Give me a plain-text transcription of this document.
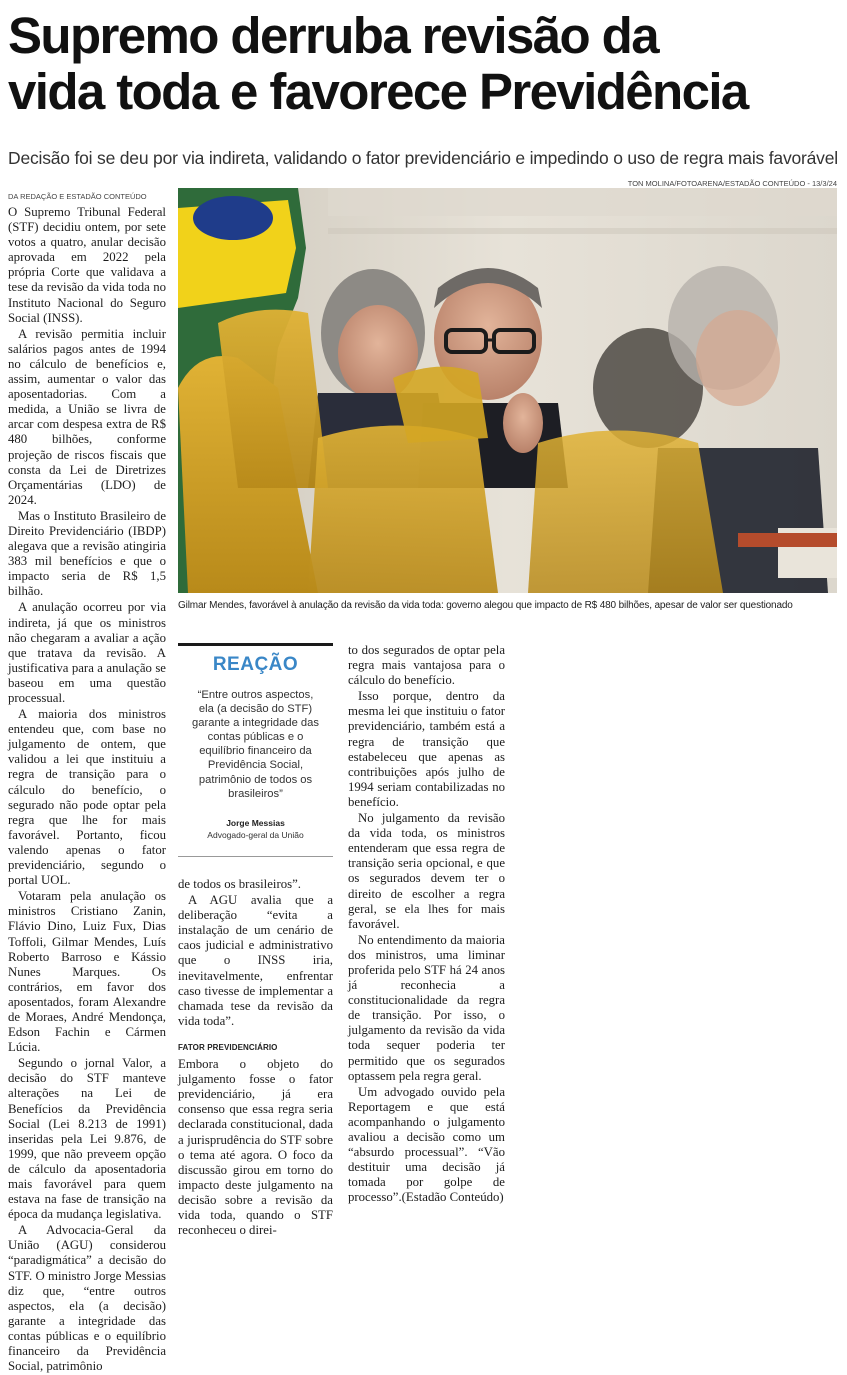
Supremo derruba revisão da
vida toda e favorece Previdência
Decisão foi se deu por via indireta, validando o fator previdenciário e impedindo o uso de regra mais favorável
TON MOLINA/FOTOARENA/ESTADÃO CONTEÚDO - 13/3/24
DA REDAÇÃO E ESTADÃO CONTEÚDO
Gilmar Mendes, favorável à anulação da revisão da vida toda: governo alegou que impacto de R$ 480 bilhões, apesar de valor ser questionado

O Supremo Tribunal Federal (STF) decidiu ontem, por sete votos a quatro, anular decisão aprovada em 2022 pela própria Corte que validava a tese da revisão da vida toda no Instituto Nacional do Seguro Social (INSS).

A revisão permitia incluir salários pagos antes de 1994 no cálculo de benefícios e, assim, aumentar o valor das aposentadorias. Com a medida, a União se livra de arcar com despesa extra de R$ 480 bilhões, conforme projeção de riscos fiscais que consta da Lei de Diretrizes Orçamentárias (LDO) de 2024.

Mas o Instituto Brasileiro de Direito Previdenciário (IBDP) alegava que a revisão atingiria 383 mil benefícios e que o impacto seria de R$ 1,5 bilhão.

A anulação ocorreu por via indireta, já que os ministros não chegaram a avaliar a ação que tratava da revisão. A justificativa para a anulação se baseou em uma questão processual.

A maioria dos ministros entendeu que, com base no julgamento de ontem, que validou a lei que instituiu a regra de transição para o cálculo do benefício, o segurado não pode optar pela regra que lhe for mais favorável. Portanto, ficou valendo apenas o fator previdenciário, segundo o portal UOL.

Votaram pela anulação os ministros Cristiano Zanin, Flávio Dino, Luiz Fux, Dias Toffoli, Gilmar Mendes, Luís Roberto Barroso e Kássio Nunes Marques. Os contrários, em favor dos aposentados, foram Alexandre de Moraes, André Mendonça, Edson Fachin e Cármen Lúcia.

Segundo o jornal Valor, a decisão do STF manteve alterações na Lei de Benefícios da Previdência Social (Lei 8.213 de 1991) inseridas pela Lei 9.876, de 1999, que não preveem opção de cálculo da aposentadoria mais favorável para quem estava na fase de transição na época da mudança legislativa.

A Advocacia-Geral da União (AGU) considerou “paradigmática” a decisão do STF. O ministro Jorge Messias diz que, “entre outros aspectos, ela (a decisão) garante a integridade das contas públicas e o equilíbrio financeiro da Previdência Social, patrimônio

REAÇÃO
“Entre outros aspectos, ela (a decisão do STF) garante a integridade das contas públicas e o equilíbrio financeiro da Previdência Social, patrimônio de todos os brasileiros”
Jorge Messias
Advogado-geral da União

de todos os brasileiros”.

A AGU avalia que a deliberação “evita a instalação de um cenário de caos judicial e administrativo que o INSS iria, inevitavelmente, enfrentar caso tivesse de implementar a chamada tese da revisão da vida toda”.

FATOR PREVIDENCIÁRIO

Embora o objeto do julgamento fosse o fator previdenciário, já era consenso que essa regra seria declarada constitucional, dada a jurisprudência do STF sobre o tema até agora. O foco da discussão girou em torno do impacto deste julgamento na decisão sobre a revisão da vida toda, quando o STF reconheceu o direi-

to dos segurados de optar pela regra mais vantajosa para o cálculo do benefício.

Isso porque, dentro da mesma lei que instituiu o fator previdenciário, também está a regra de transição que estabeleceu que apenas as contribuições após julho de 1994 seriam contabilizadas no benefício.

No julgamento da revisão da vida toda, os ministros entenderam que essa regra de transição seria opcional, e que os segurados devem ter o direito de escolher a regra geral, se ela lhes for mais favorável.

No entendimento da maioria dos ministros, uma liminar proferida pelo STF há 24 anos já reconhecia a constitucionalidade da regra de transição. Por isso, o julgamento da revisão da vida toda sequer poderia ter permitido que os segurados optassem pela regra geral.

Um advogado ouvido pela Reportagem e que está acompanhando o julgamento avaliou a decisão como um “absurdo processual”. “Vão destituir uma decisão já tomada por golpe de processo”.(Estadão Conteúdo)
